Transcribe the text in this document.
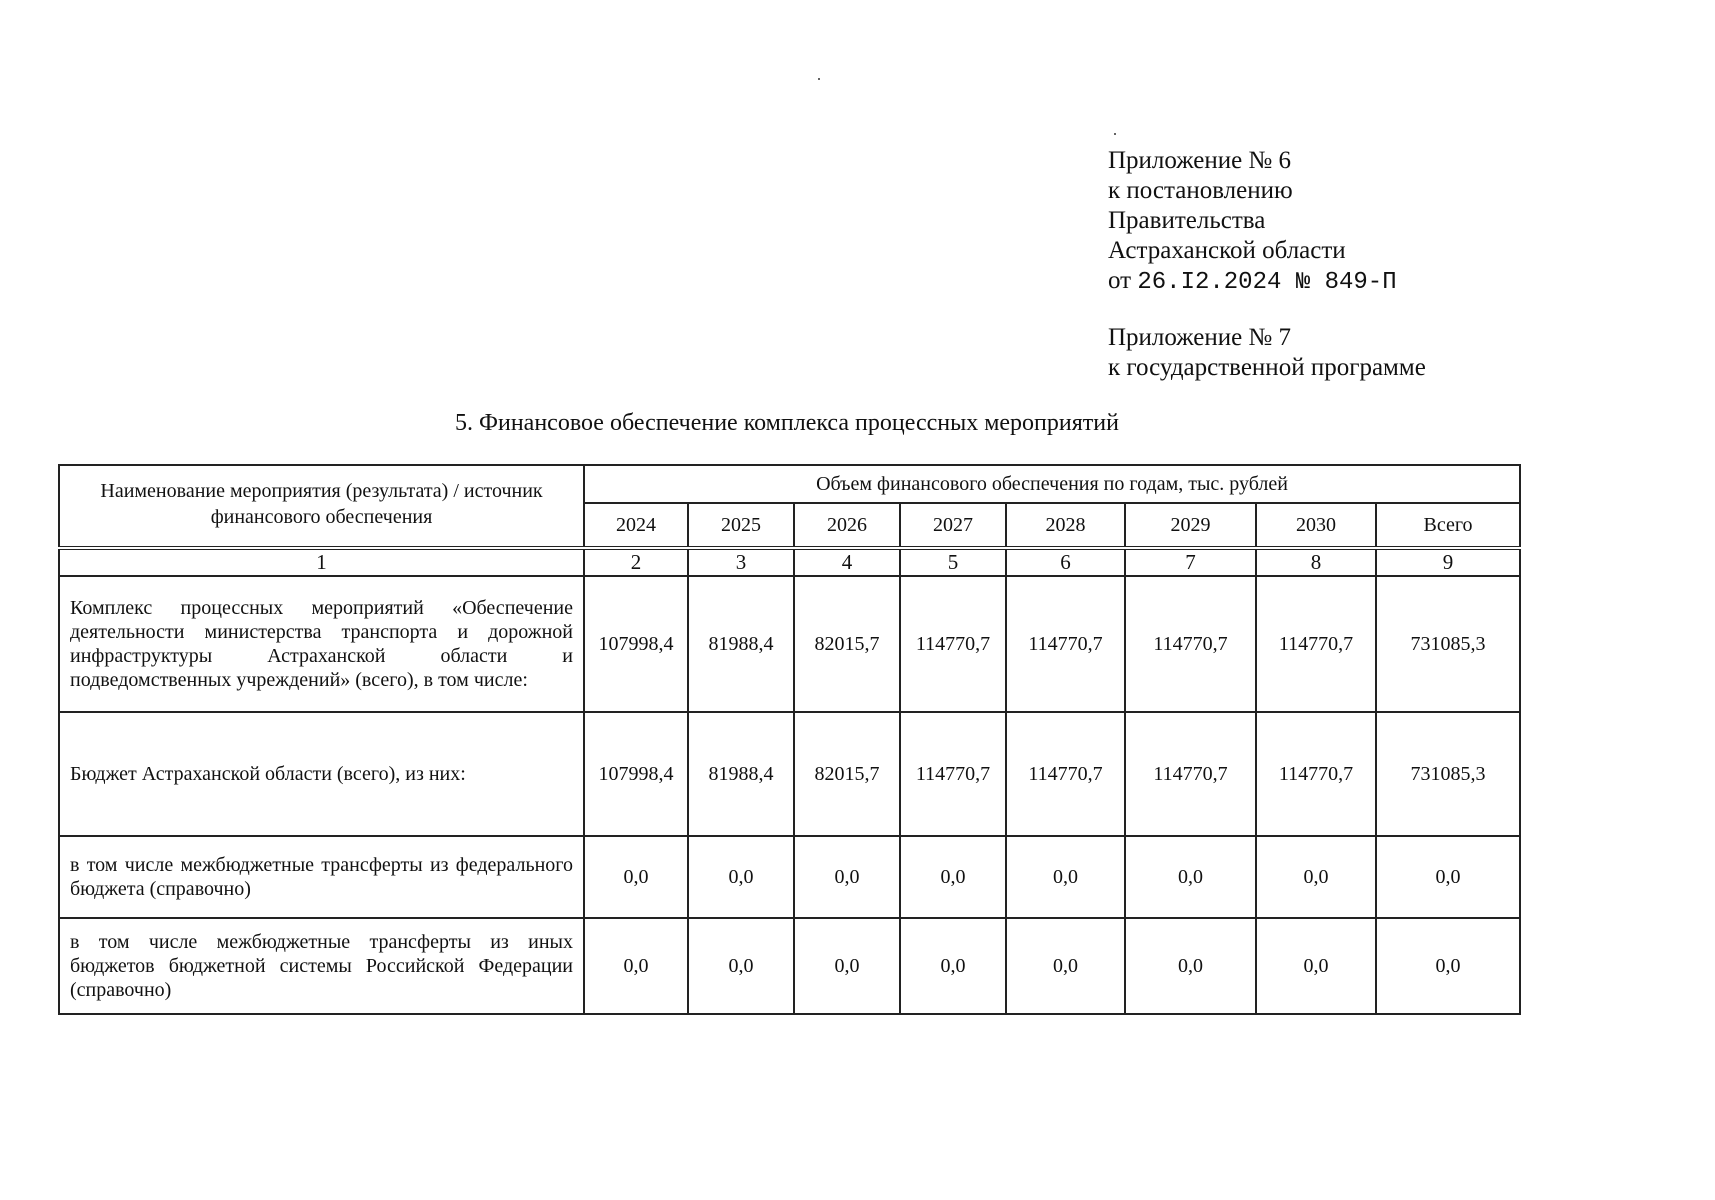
Приложение № 6
к постановлению
Правительства
Астраханской области
от 26.I2.2024 № 849-П
Приложение № 7
к государственной программе
5. Финансовое обеспечение комплекса процессных мероприятий
Наименование мероприятия (результата) / источник финансового обеспечения	Объем финансового обеспечения по годам, тыс. рублей							
	2024	2025	2026	2027	2028	2029	2030	Всего
1	2	3	4	5	6	7	8	9
Комплекс процессных мероприятий «Обеспечение деятельности министерства транспорта и дорожной инфраструктуры Астраханской области и подведомственных учреждений» (всего), в том числе:	107998,4	81988,4	82015,7	114770,7	114770,7	114770,7	114770,7	731085,3
Бюджет Астраханской области (всего), из них:	107998,4	81988,4	82015,7	114770,7	114770,7	114770,7	114770,7	731085,3
в том числе межбюджетные трансферты из федерального бюджета (справочно)	0,0	0,0	0,0	0,0	0,0	0,0	0,0	0,0
в том числе межбюджетные трансферты из иных бюджетов бюджетной системы Российской Федерации (справочно)	0,0	0,0	0,0	0,0	0,0	0,0	0,0	0,0
